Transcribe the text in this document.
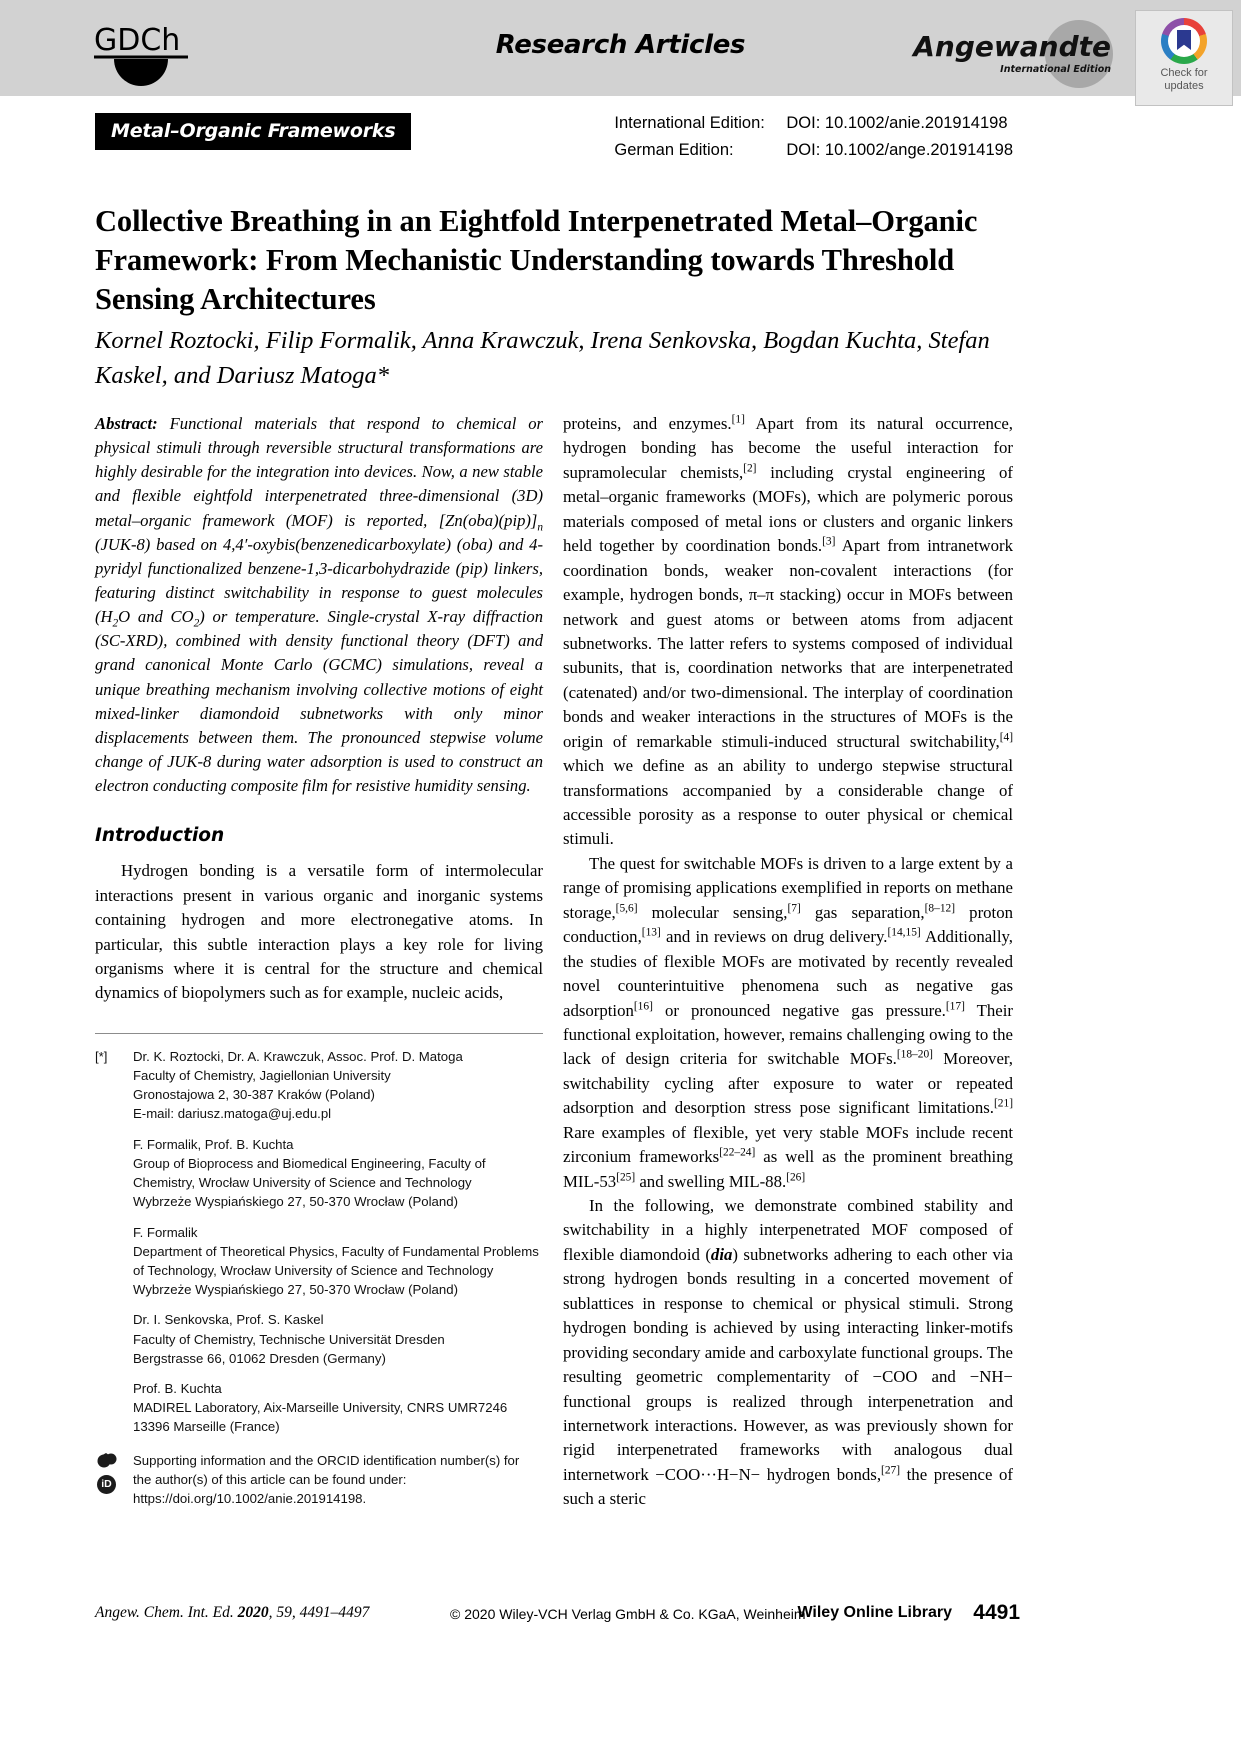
GDCh	Research Articles	Angewandte
International Edition	Check for
updates
Metal–Organic Frameworks	International Edition: DOI: 10.1002/anie.201914198
German Edition:	DOI: 10.1002/ange.201914198
Collective Breathing in an Eightfold Interpenetrated Metal–Organic Framework: From Mechanistic Understanding towards Threshold Sensing Architectures
Kornel Roztocki, Filip Formalik, Anna Krawczuk, Irena Senkovska, Bogdan Kuchta, Stefan Kaskel, and Dariusz Matoga*

Abstract: Functional materials that respond to chemical or physical stimuli through reversible structural transformations are highly desirable for the integration into devices. Now, a new stable and flexible eightfold interpenetrated three-dimensional (3D) metal–organic framework (MOF) is reported, $[Zn(oba)(pip)]_n$ (JUK-8) based on 4,4′-oxybis(benzenedicarboxylate) (oba) and 4-pyridyl functionalized benzene-1,3-dicarbohydrazide (pip) linkers, featuring distinct switchability in response to guest molecules ($H_2O$ and $CO_2$) or temperature. Single-crystal X-ray diffraction (SC-XRD), combined with density functional theory (DFT) and grand canonical Monte Carlo (GCMC) simulations, reveal a unique breathing mechanism involving collective motions of eight mixed-linker diamondoid subnetworks with only minor displacements between them. The pronounced stepwise volume change of JUK-8 during water adsorption is used to construct an electron conducting composite film for resistive humidity sensing.

Introduction

Hydrogen bonding is a versatile form of intermolecular interactions present in various organic and inorganic systems containing hydrogen and more electronegative atoms. In particular, this subtle interaction plays a key role for living organisms where it is central for the structure and chemical dynamics of biopolymers such as for example, nucleic acids,

[*]	Dr. K. Roztocki, Dr. A. Krawczuk, Assoc. Prof. D. Matoga
Faculty of Chemistry, Jagiellonian University
Gronostajowa 2, 30-387 Kraków (Poland)
E-mail: dariusz.matoga@uj.edu.pl
F. Formalik, Prof. B. Kuchta
Group of Bioprocess and Biomedical Engineering, Faculty of
Chemistry, Wrocław University of Science and Technology
Wybrzeże Wyspiańskiego 27, 50-370 Wrocław (Poland)
F. Formalik
Department of Theoretical Physics, Faculty of Fundamental Problems
of Technology, Wrocław University of Science and Technology
Wybrzeże Wyspiańskiego 27, 50-370 Wrocław (Poland)
Dr. I. Senkovska, Prof. S. Kaskel
Faculty of Chemistry, Technische Universität Dresden
Bergstrasse 66, 01062 Dresden (Germany)
Prof. B. Kuchta
MADIREL Laboratory, Aix-Marseille University, CNRS UMR7246
13396 Marseille (France)
iD
Supporting information and the ORCID identification number(s) for
the author(s) of this article can be found under:
https://doi.org/10.1002/anie.201914198.

proteins, and enzymes.[1] Apart from its natural occurrence, hydrogen bonding has become the useful interaction for supramolecular chemists,[2] including crystal engineering of metal–organic frameworks (MOFs), which are polymeric porous materials composed of metal ions or clusters and organic linkers held together by coordination bonds.[3] Apart from intranetwork coordination bonds, weaker non-covalent interactions (for example, hydrogen bonds, π–π stacking) occur in MOFs between network and guest atoms or between atoms from adjacent subnetworks. The latter refers to systems composed of individual subunits, that is, coordination networks that are interpenetrated (catenated) and/or two-dimensional. The interplay of coordination bonds and weaker interactions in the structures of MOFs is the origin of remarkable stimuli-induced structural switchability,[4] which we define as an ability to undergo stepwise structural transformations accompanied by a considerable change of accessible porosity as a response to outer physical or chemical stimuli.

The quest for switchable MOFs is driven to a large extent by a range of promising applications exemplified in reports on methane storage,[5,6] molecular sensing,[7] gas separation,[8–12] proton conduction,[13] and in reviews on drug delivery.[14,15] Additionally, the studies of flexible MOFs are motivated by recently revealed novel counterintuitive phenomena such as negative gas adsorption[16] or pronounced negative gas pressure.[17] Their functional exploitation, however, remains challenging owing to the lack of design criteria for switchable MOFs.[18–20] Moreover, switchability cycling after exposure to water or repeated adsorption and desorption stress pose significant limitations.[21] Rare examples of flexible, yet very stable MOFs include recent zirconium frameworks[22–24] as well as the prominent breathing MIL-53[25] and swelling MIL-88.[26]

In the following, we demonstrate combined stability and switchability in a highly interpenetrated MOF composed of flexible diamondoid (dia) subnetworks adhering to each other via strong hydrogen bonds resulting in a concerted movement of sublattices in response to chemical or physical stimuli. Strong hydrogen bonding is achieved by using interacting linker-motifs providing secondary amide and carboxylate functional groups. The resulting geometric complementarity of −COO and −NH− functional groups is realized through interpenetration and internetwork interactions. However, as was previously shown for rigid interpenetrated frameworks with analogous dual internetwork −COO···H−N− hydrogen bonds,[27] the presence of such a steric

Angew. Chem. Int. Ed. 2020, 59, 4491–4497	© 2020 Wiley-VCH Verlag GmbH & Co. KGaA, Weinheim
Wiley Online Library 4491
